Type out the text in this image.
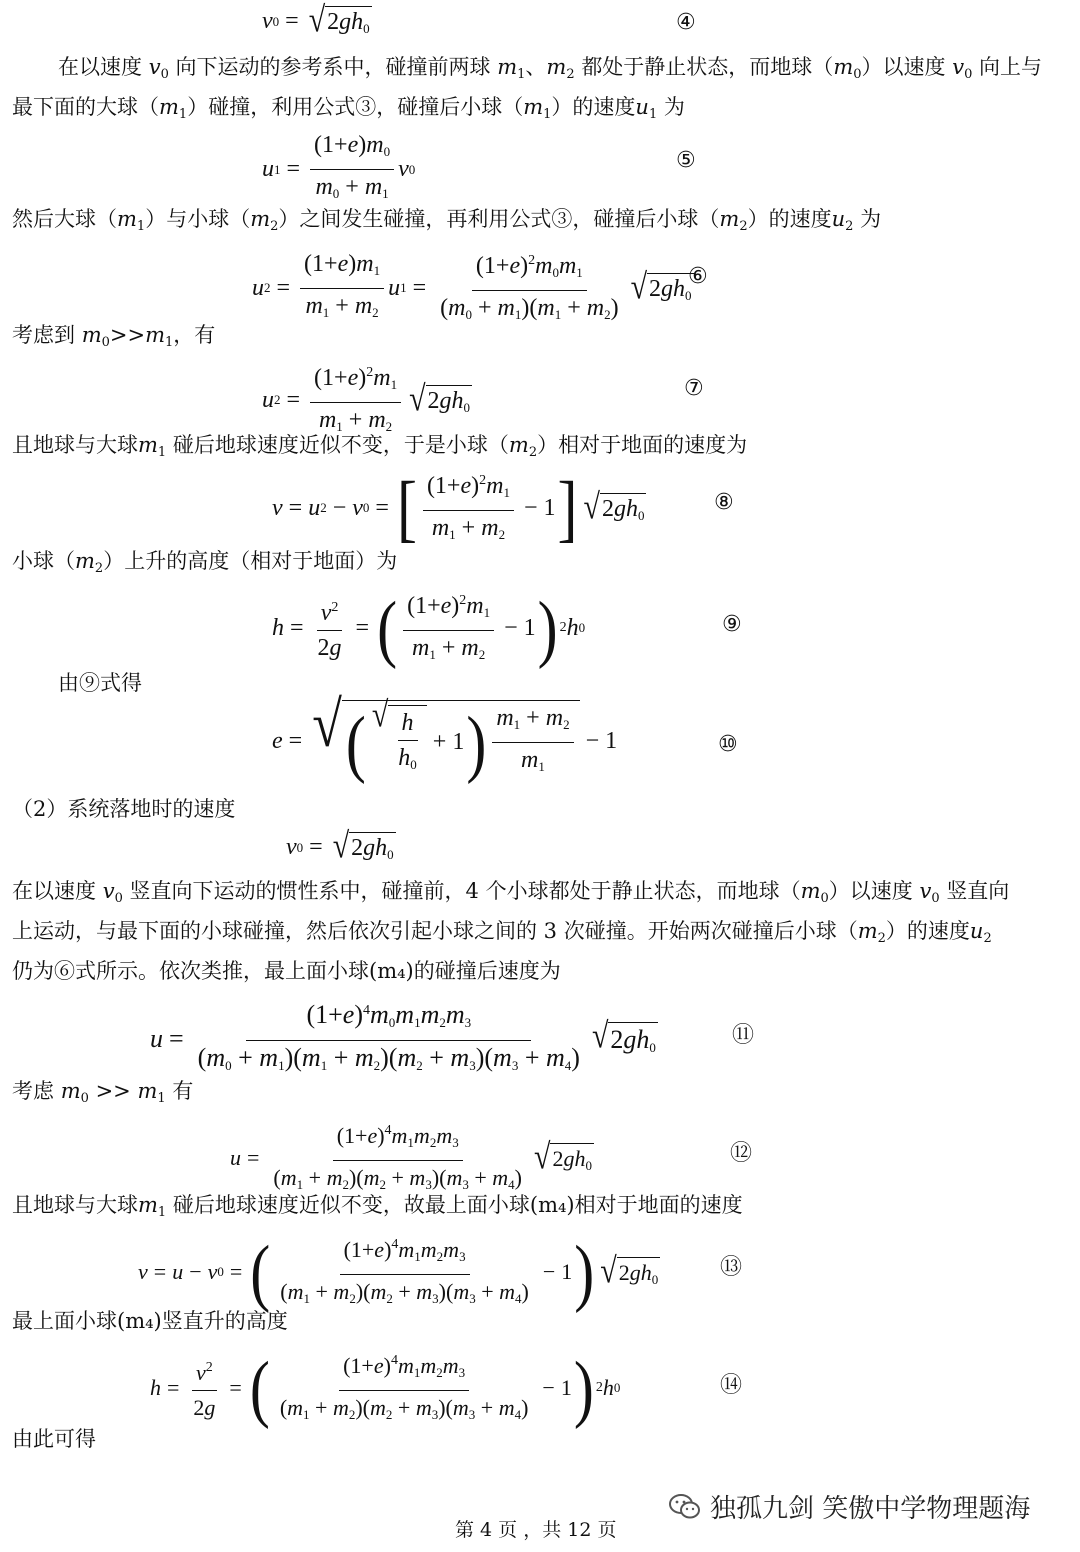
v 0 = √ $2gh_0$	④
在以速度 $v_0$ 向下运动的参考系中，碰撞前两球 $m_1$、$m_2$ 都处于静止状态，而地球$(m_0)$以速度 $v_0$ 向上与
最下面的大球$(m_1)$碰撞，利用公式③，碰撞后小球$(m_1)$的速度$u_1$ 为
u $1 = \frac{(1+e)m_0}{m_0 + m_1}$ v 0	⑤
然后大球$(m_1)$与小球$(m_2)$之间发生碰撞，再利用公式③，碰撞后小球$(m_2)$的速度$u_2$ 为
u $2 = \frac{(1+e)m_1}{m_1 + m_2}$ u $1 = \frac{(1+e)^2m_0m_1}{(m_0 + m_1)(m_1 + m_2)}$ √ $2gh_0$
⑥
考虑到 $m_0>>m_1$，有
u $2 = \frac{(1+e)^2m_1}{m_1 + m_2}$ √ $2gh_0$
⑦
且地球与大球$m_1$ 碰后地球速度近似不变，于是小球$(m_2)$相对于地面的速度为
v = u 2 − v 0 = [ $\frac{(1+e)^2m_1}{m_1 + m_2} - 1$ ] √ $2gh_0$	⑧
小球$(m_2)$上升的高度（相对于地面）为
$h = \frac{v^2}{2g}$ = ( $\frac{(1+e)^2m_1}{m_1 + m_2} - 1$ ) 2 h 0	⑨
由⑨式得
e = √ ( √ $\frac{h}{h_0} + 1$ ) $\frac{m_1 + m_2}{m_1} - 1$	⑩
（2）系统落地时的速度
v 0 = √ $2gh_0$
在以速度 $v_0$ 竖直向下运动的惯性系中，碰撞前，4 个小球都处于静止状态，而地球$(m_0)$以速度 $v_0$ 竖直向
上运动，与最下面的小球碰撞，然后依次引起小球之间的 3 次碰撞。开始两次碰撞后小球$(m_2)$的速度$u_2$
仍为⑥式所示。依次类推，最上面小球(m₄)的碰撞后速度为
$u = \frac{(1+e)^4m_0m_1m_2m_3}{(m_0 + m_1)(m_1 + m_2)(m_2 + m_3)(m_3 + m_4)}$ √ $2gh_0$	⑪
考虑 $m_0 >> m_1$ 有
$u = \frac{(1+e)^4m_1m_2m_3}{(m_1 + m_2)(m_2 + m_3)(m_3 + m_4)}$ √ $2gh_0$	⑫
且地球与大球$m_1$ 碰后地球速度近似不变，故最上面小球(m₄)相对于地面的速度
v = u − v 0 = ( $\frac{(1+e)^4m_1m_2m_3}{(m_1 + m_2)(m_2 + m_3)(m_3 + m_4)} - 1$ ) √ $2gh_0$	⑬
最上面小球(m₄)竖直升的高度
$h = \frac{v^2}{2g}$ = ( $\frac{(1+e)^4m_1m_2m_3}{(m_1 + m_2)(m_2 + m_3)(m_3 + m_4)} - 1$ ) 2 h 0	⑭
由此可得
独孤九剑 笑傲中学物理题海
第 4 页 ，共 12 页
